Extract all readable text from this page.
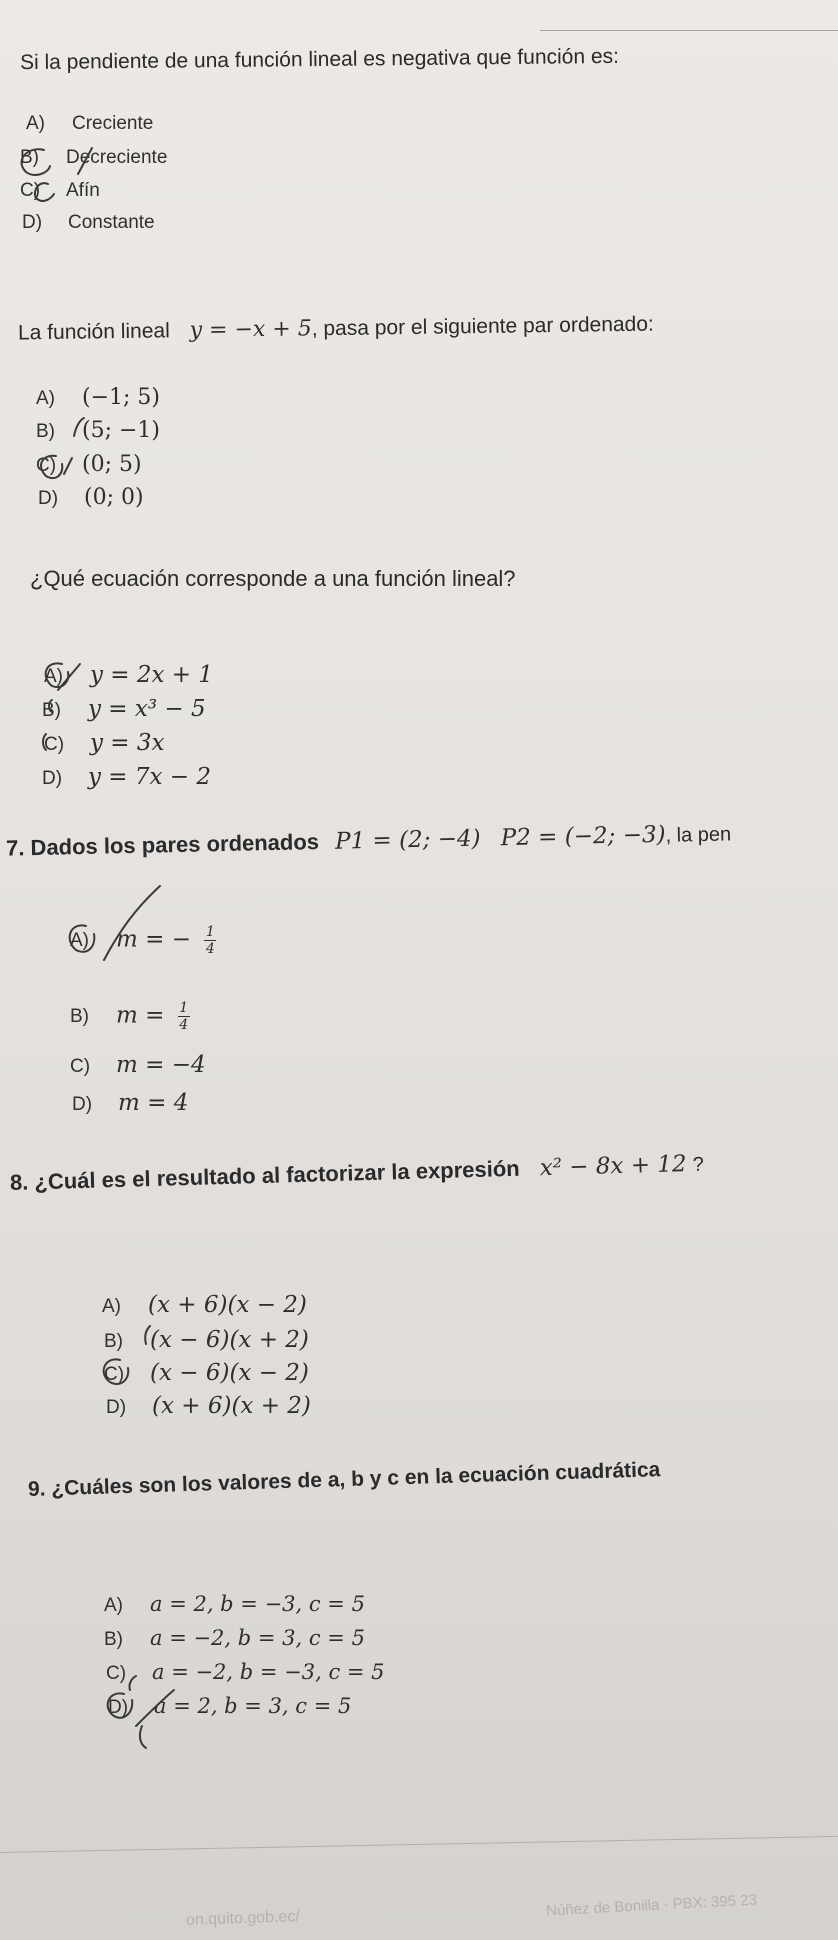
Si la pendiente de una función lineal es negativa que función es:
A)	Creciente
B)	Decreciente
C)	Afín
D)	Constante
La función lineal y = −x + 5, pasa por el siguiente par ordenado:
A)	(−1; 5)
B)	(5; −1)
C)	(0; 5)
D)	(0; 0)
¿Qué ecuación corresponde a una función lineal?
A)	y = 2x + 1
B)	y = x³ − 5
C)	y = 3x
D)	y = 7x − 2
7. Dados los pares ordenados P1 = (2; −4) P2 = (−2; −3), la pen
A)	m = − $\frac{1}{4}$
B)	$m = \frac{1}{4}$
C)	m = −4
D)	m = 4
8. ¿Cuál es el resultado al factorizar la expresión x² − 8x + 12 ?
A)	(x + 6)(x − 2)
B)	(x − 6)(x + 2)
C)	(x − 6)(x − 2)
D)	(x + 6)(x + 2)
9. ¿Cuáles son los valores de a, b y c en la ecuación cuadrática
A)	a = 2, b = −3, c = 5
B)	a = −2, b = 3, c = 5
C)	a = −2, b = −3, c = 5
D)	a = 2, b = 3, c = 5
on.quito.gob.ec/	Núñez de Bonilla · PBX: 395 23
